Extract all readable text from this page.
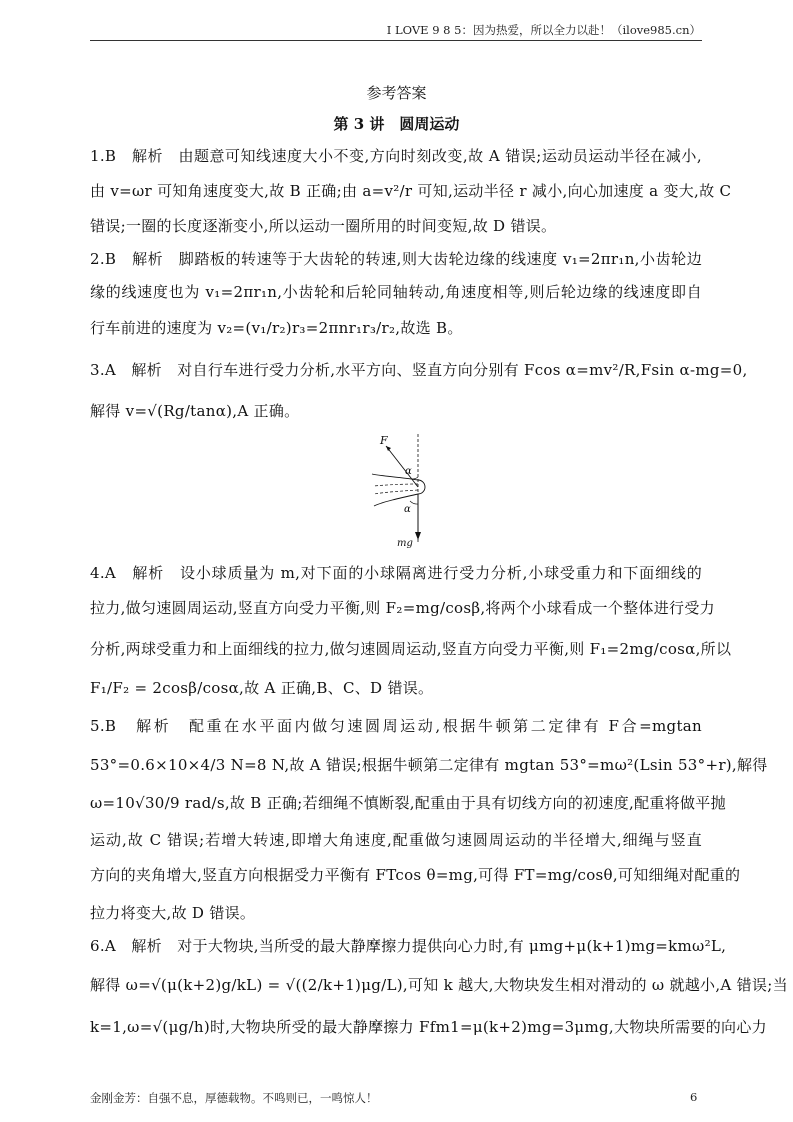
I LOVE 9 8 5：因为热爱，所以全力以赴！（ilove985.cn）
参考答案
第 3 讲　圆周运动
1.B　解析　由题意可知线速度大小不变,方向时刻改变,故 A 错误;运动员运动半径在减小,
由 v=ωr 可知角速度变大,故 B 正确;由 a=v²/r 可知,运动半径 r 减小,向心加速度 a 变大,故 C
错误;一圈的长度逐渐变小,所以运动一圈所用的时间变短,故 D 错误。
2.B　解析　脚踏板的转速等于大齿轮的转速,则大齿轮边缘的线速度 v₁=2πr₁n,小齿轮边
缘的线速度也为 v₁=2πr₁n,小齿轮和后轮同轴转动,角速度相等,则后轮边缘的线速度即自
行车前进的速度为 v₂=(v₁/r₂)r₃=2πnr₁r₃/r₂,故选 B。
3.A　解析　对自行车进行受力分析,水平方向、竖直方向分别有 Fcos α=mv²/R,Fsin α-mg=0,
解得 v=√(Rg/tanα),A 正确。
F
α
α
mg
4.A　解析　设小球质量为 m,对下面的小球隔离进行受力分析,小球受重力和下面细线的
拉力,做匀速圆周运动,竖直方向受力平衡,则 F₂=mg/cosβ,将两个小球看成一个整体进行受力
分析,两球受重力和上面细线的拉力,做匀速圆周运动,竖直方向受力平衡,则 F₁=2mg/cosα,所以
F₁/F₂ = 2cosβ/cosα,故 A 正确,B、C、D 错误。
5.B　解析　配重在水平面内做匀速圆周运动,根据牛顿第二定律有 F合=mgtan
53°=0.6×10×4/3 N=8 N,故 A 错误;根据牛顿第二定律有 mgtan 53°=mω²(Lsin 53°+r),解得
ω=10√30/9 rad/s,故 B 正确;若细绳不慎断裂,配重由于具有切线方向的初速度,配重将做平抛
运动,故 C 错误;若增大转速,即增大角速度,配重做匀速圆周运动的半径增大,细绳与竖直
方向的夹角增大,竖直方向根据受力平衡有 FTcos θ=mg,可得 FT=mg/cosθ,可知细绳对配重的
拉力将变大,故 D 错误。
6.A　解析　对于大物块,当所受的最大静摩擦力提供向心力时,有 μmg+μ(k+1)mg=kmω²L,
解得 ω=√(μ(k+2)g/kL) = √((2/k+1)μg/L),可知 k 越大,大物块发生相对滑动的 ω 就越小,A 错误;当
k=1,ω=√(μg/h)时,大物块所受的最大静摩擦力 Ffm1=μ(k+2)mg=3μmg,大物块所需要的向心力
金刚金芳：自强不息，厚德载物。不鸣则已，一鸣惊人！	6
